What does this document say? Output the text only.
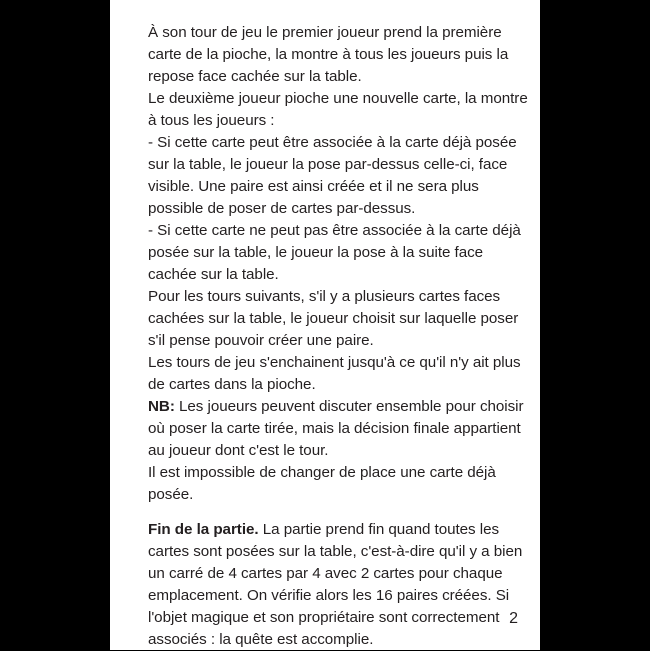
À son tour de jeu le premier joueur prend la première carte de la pioche, la montre à tous les joueurs puis la repose face cachée sur la table.

Le deuxième joueur pioche une nouvelle carte, la montre à tous les joueurs :

- Si cette carte peut être associée à la carte déjà posée sur la table, le joueur la pose par-dessus celle-ci, face visible. Une paire est ainsi créée et il ne sera plus possible de poser de cartes par-dessus.

- Si cette carte ne peut pas être associée à la carte déjà posée sur la table, le joueur la pose à la suite face cachée sur la table.

Pour les tours suivants, s'il y a plusieurs cartes faces cachées sur la table, le joueur choisit sur laquelle poser s'il pense pouvoir créer une paire.

Les tours de jeu s'enchainent jusqu'à ce qu'il n'y ait plus de cartes dans la pioche.

NB: Les joueurs peuvent discuter ensemble pour choisir où poser la carte tirée, mais la décision finale appartient au joueur dont c'est le tour.

Il est impossible de changer de place une carte déjà posée.

Fin de la partie. La partie prend fin quand toutes les cartes sont posées sur la table, c'est-à-dire qu'il y a bien un carré de 4 cartes par 4 avec 2 cartes pour chaque emplacement. On vérifie alors les 16 paires créées. Si l'objet magique et son propriétaire sont correctement associés : la quête est accomplie.

2
